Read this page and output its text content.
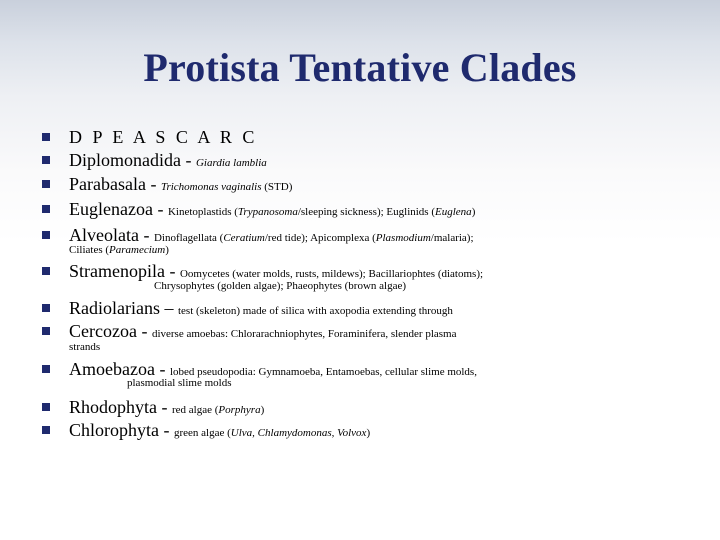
Protista Tentative Clades
D P E A S C A R C
Diplomonadida - Giardia lamblia
Parabasala - Trichomonas vaginalis (STD)
Euglenazoa - Kinetoplastids (Trypanosoma/sleeping sickness); Euglinids (Euglena)
Alveolata - Dinoflagellata (Ceratium/red tide); Apicomplexa (Plasmodium/malaria);
Ciliates (Paramecium)
Stramenopila - Oomycetes (water molds, rusts, mildews); Bacillariophtes (diatoms);
Chrysophytes (golden algae); Phaeophytes (brown algae)
Radiolarians – test (skeleton) made of silica with axopodia extending through
Cercozoa - diverse amoebas: Chlorarachniophytes, Foraminifera, slender plasma
strands
Amoebazoa - lobed pseudopodia: Gymnamoeba, Entamoebas, cellular slime molds,
plasmodial slime molds
Rhodophyta - red algae (Porphyra)
Chlorophyta - green algae (Ulva, Chlamydomonas, Volvox)
